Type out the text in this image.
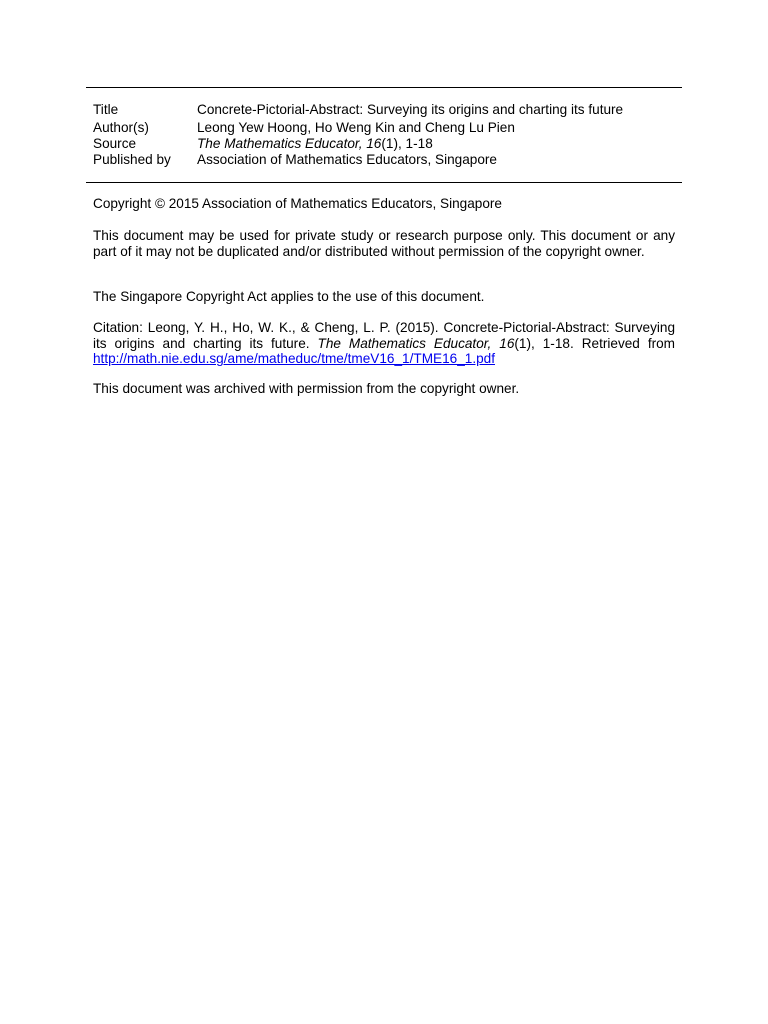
Title	Concrete-Pictorial-Abstract: Surveying its origins and charting its future
Author(s)	Leong Yew Hoong, Ho Weng Kin and Cheng Lu Pien
Source	The Mathematics Educator, 16(1), 1-18
Published by	Association of Mathematics Educators, Singapore
Copyright © 2015 Association of Mathematics Educators, Singapore
This document may be used for private study or research purpose only. This document or any part of it may not be duplicated and/or distributed without permission of the copyright owner.
The Singapore Copyright Act applies to the use of this document.
Citation: Leong, Y. H., Ho, W. K., & Cheng, L. P. (2015). Concrete-Pictorial-Abstract: Surveying its origins and charting its future. The Mathematics Educator, 16(1), 1-18. Retrieved from http://math.nie.edu.sg/ame/matheduc/tme/tmeV16_1/TME16_1.pdf
This document was archived with permission from the copyright owner.
